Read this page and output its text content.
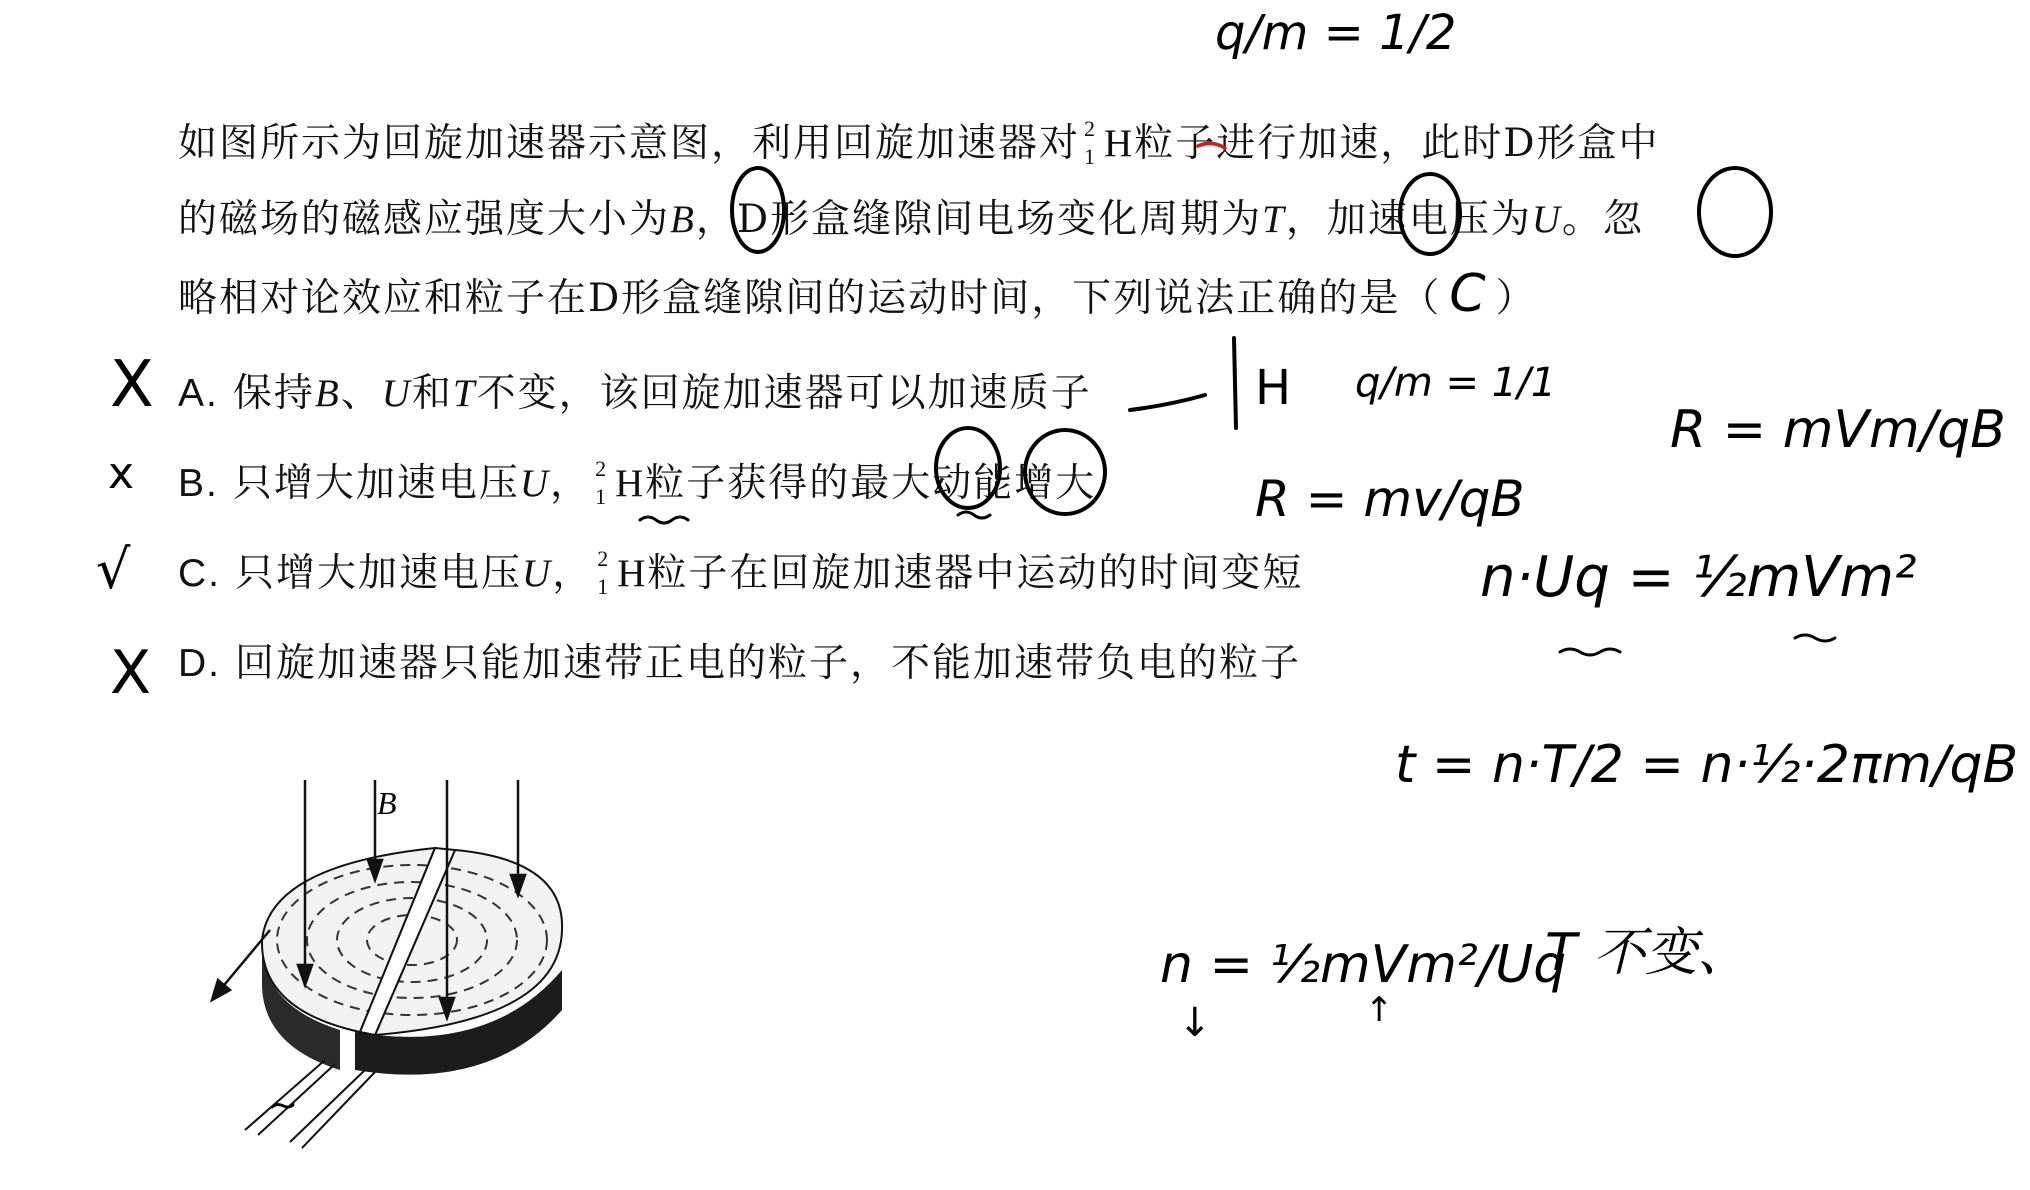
如图所示为回旋加速器示意图，利用回旋加速器对 2
1 H粒子进行加速，此时D形盒中
的磁场的磁感应强度大小为B，D形盒缝隙间电场变化周期为T，加速电压为U。忽
略相对论效应和粒子在D形盒缝隙间的运动时间，下列说法正确的是（ C ）
A. 保持B、U和T不变，该回旋加速器可以加速质子
B. 只增大加速电压U， 2
1 H粒子获得的最大动能增大
C. 只增大加速电压U， 2
1 H粒子在回旋加速器中运动的时间变短
D. 回旋加速器只能加速带正电的粒子，不能加速带负电的粒子
X
x
√
X
q/m = 1/2
H q/m = 1/1
R = mv/qB
R = mVm/qB
n·Uq = ½mVm²
t = n·T/2 = n·½·2πm/qB
n = ½mVm²/Uq
↓	↑
T 不变、
B
~
